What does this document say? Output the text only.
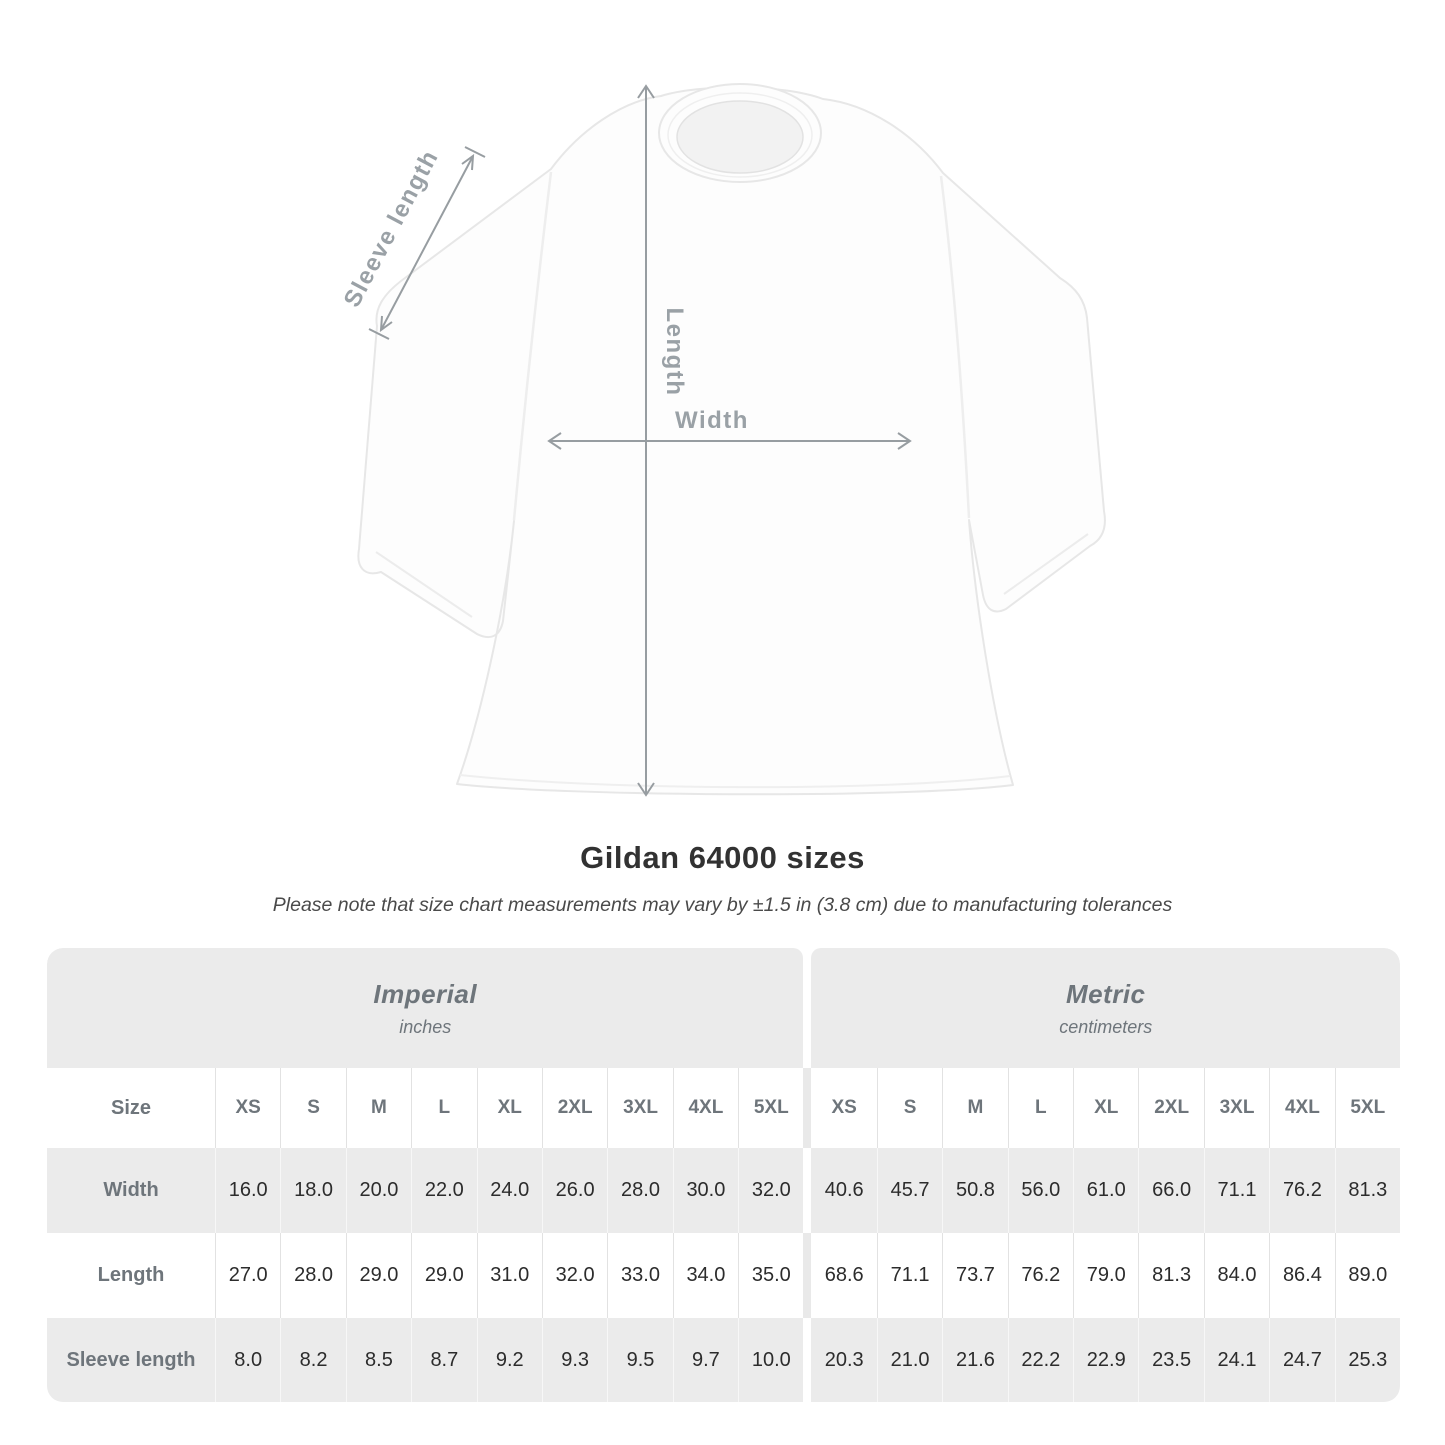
Sleeve length
Length
Width
Gildan 64000 sizes
Please note that size chart measurements may vary by ±1.5 in (3.8 cm) due to manufacturing tolerances
Imperial
inches
Metric
centimeters
Size	XS	S	M	L	XL	2XL	3XL	4XL	5XL	XS	S	M	L	XL	2XL	3XL	4XL	5XL
Width	16.0	18.0	20.0	22.0	24.0	26.0	28.0	30.0	32.0	40.6	45.7	50.8	56.0	61.0	66.0	71.1	76.2	81.3
Length	27.0	28.0	29.0	29.0	31.0	32.0	33.0	34.0	35.0	68.6	71.1	73.7	76.2	79.0	81.3	84.0	86.4	89.0
Sleeve length	8.0	8.2	8.5	8.7	9.2	9.3	9.5	9.7	10.0	20.3	21.0	21.6	22.2	22.9	23.5	24.1	24.7	25.3
